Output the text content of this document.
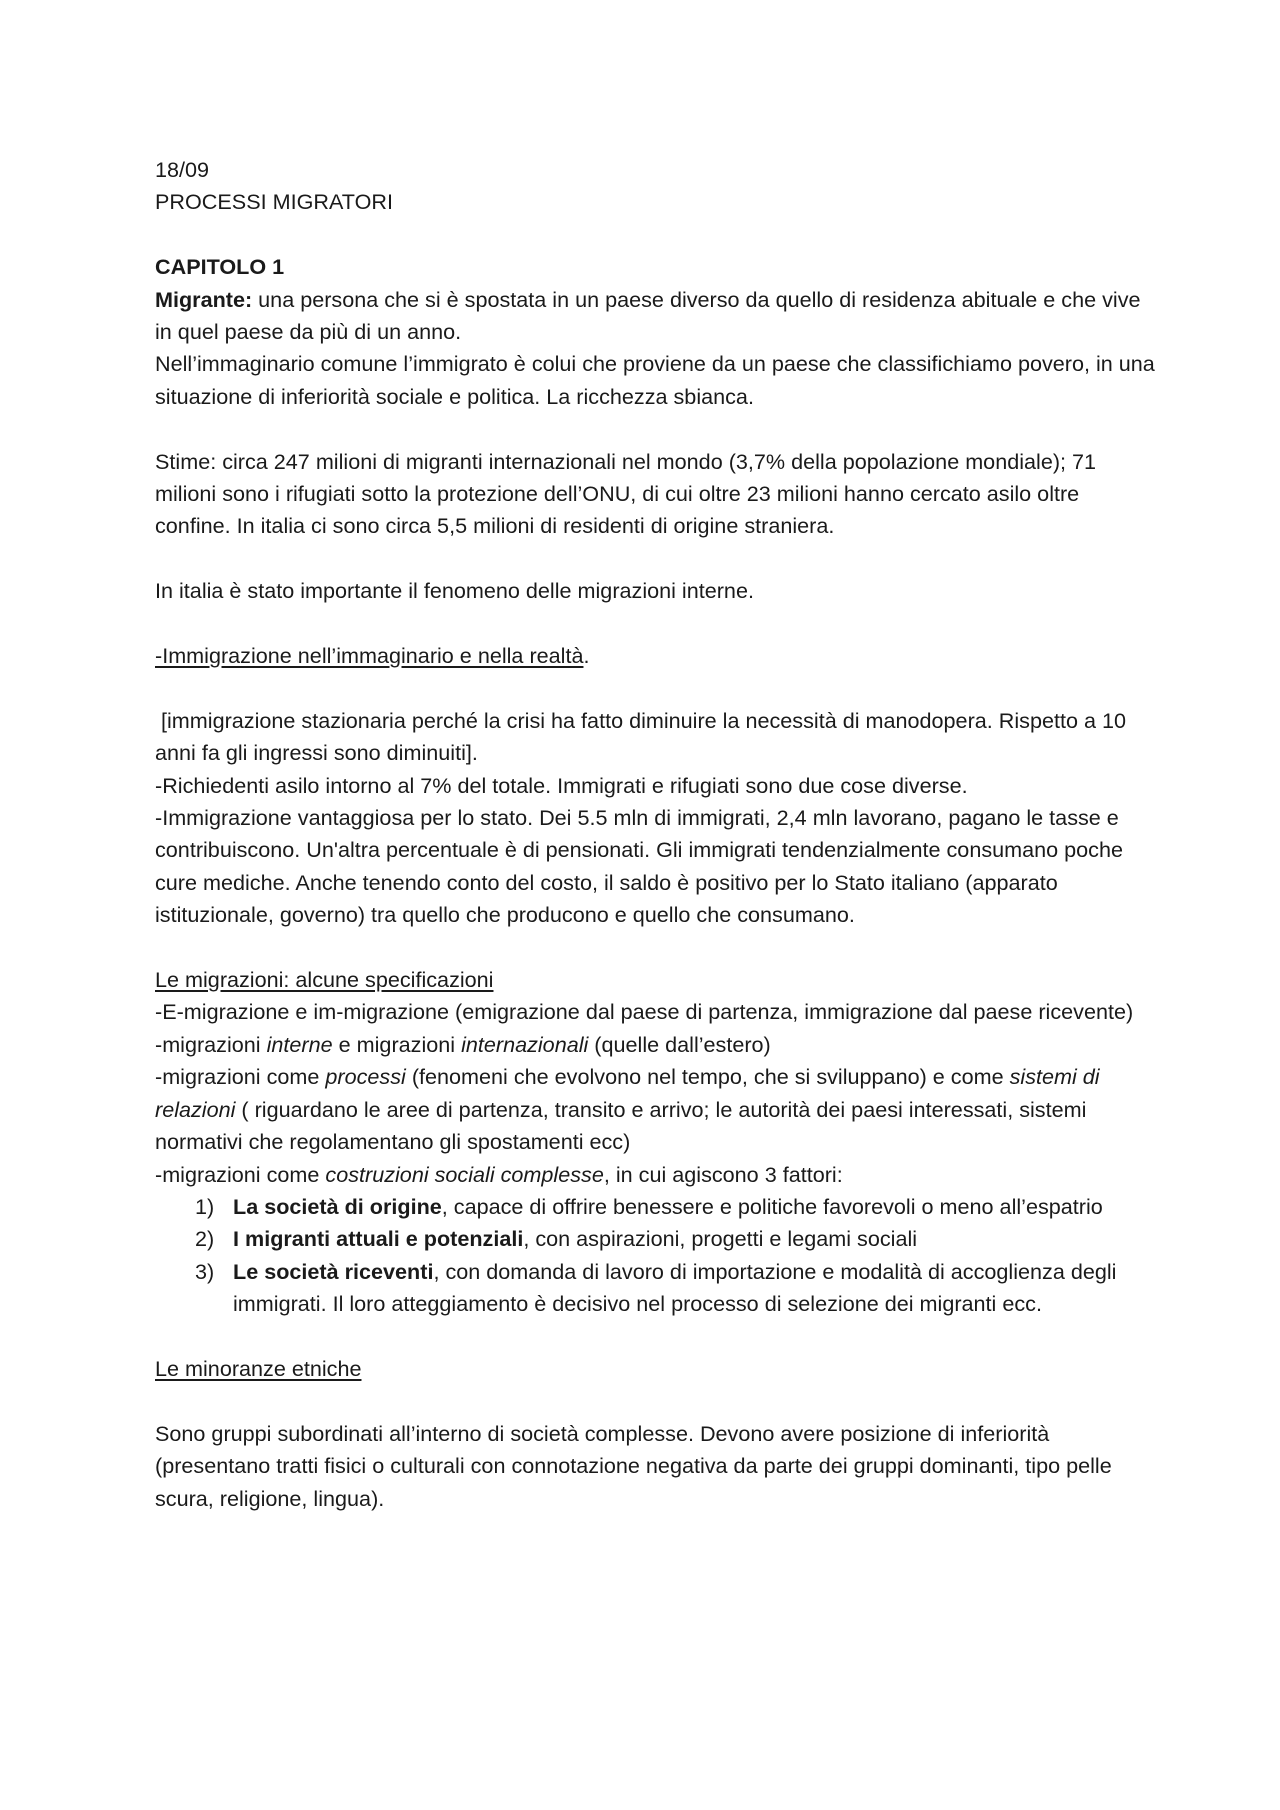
18/09

PROCESSI MIGRATORI

CAPITOLO 1

Migrante: una persona che si è spostata in un paese diverso da quello di residenza abituale e che vive in quel paese da più di un anno.

Nell’immaginario comune l’immigrato è colui che proviene da un paese che classifichiamo povero, in una situazione di inferiorità sociale e politica. La ricchezza sbianca.

Stime: circa 247 milioni di migranti internazionali nel mondo (3,7% della popolazione mondiale); 71 milioni sono i rifugiati sotto la protezione dell’ONU, di cui oltre 23 milioni hanno cercato asilo oltre confine. In italia ci sono circa 5,5 milioni di residenti di origine straniera.

In italia è stato importante il fenomeno delle migrazioni interne.

-Immigrazione nell’immaginario e nella realtà.

[immigrazione stazionaria perché la crisi ha fatto diminuire la necessità di manodopera. Rispetto a 10 anni fa gli ingressi sono diminuiti].

-Richiedenti asilo intorno al 7% del totale. Immigrati e rifugiati sono due cose diverse.

-Immigrazione vantaggiosa per lo stato. Dei 5.5 mln di immigrati, 2,4 mln lavorano, pagano le tasse e contribuiscono. Un'altra percentuale è di pensionati. Gli immigrati tendenzialmente consumano poche cure mediche. Anche tenendo conto del costo, il saldo è positivo per lo Stato italiano (apparato istituzionale, governo) tra quello che producono e quello che consumano.

Le migrazioni: alcune specificazioni

-E-migrazione e im-migrazione (emigrazione dal paese di partenza, immigrazione dal paese ricevente)

-migrazioni interne e migrazioni internazionali (quelle dall’estero)

-migrazioni come processi (fenomeni che evolvono nel tempo, che si sviluppano) e come sistemi di relazioni ( riguardano le aree di partenza, transito e arrivo; le autorità dei paesi interessati, sistemi normativi che regolamentano gli spostamenti ecc)

-migrazioni come costruzioni sociali complesse, in cui agiscono 3 fattori:

1) La società di origine, capace di offrire benessere e politiche favorevoli o meno all’espatrio
2) I migranti attuali e potenziali, con aspirazioni, progetti e legami sociali
3) Le società riceventi, con domanda di lavoro di importazione e modalità di accoglienza degli immigrati. Il loro atteggiamento è decisivo nel processo di selezione dei migranti ecc.

Le minoranze etniche

Sono gruppi subordinati all’interno di società complesse. Devono avere posizione di inferiorità (presentano tratti fisici o culturali con connotazione negativa da parte dei gruppi dominanti, tipo pelle scura, religione, lingua).
